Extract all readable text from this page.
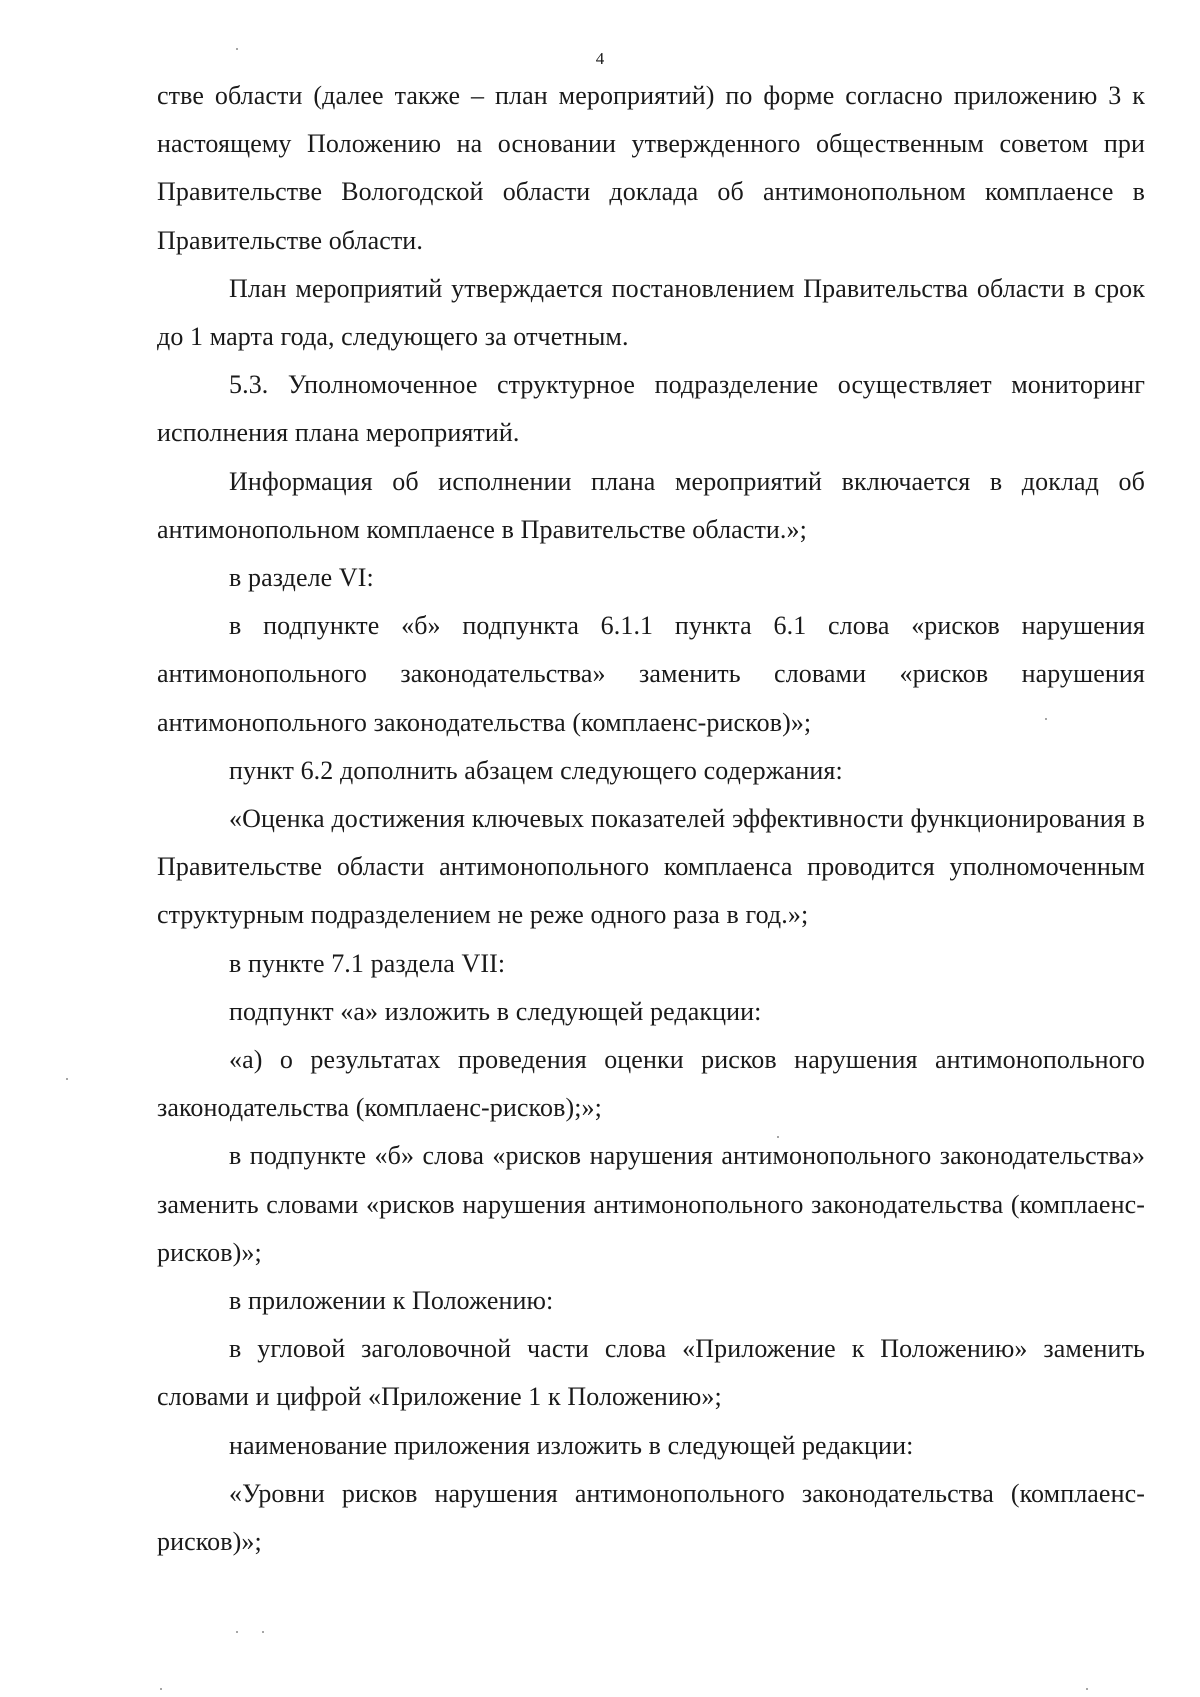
4

стве области (далее также – план мероприятий) по форме согласно приложению 3 к настоящему Положению на основании утвержденного общественным советом при Правительстве Вологодской области доклада об антимонопольном комплаенсе в Правительстве области.

План мероприятий утверждается постановлением Правительства области в срок до 1 марта года, следующего за отчетным.

5.3. Уполномоченное структурное подразделение осуществляет мониторинг исполнения плана мероприятий.

Информация об исполнении плана мероприятий включается в доклад об антимонопольном комплаенсе в Правительстве области.»;

в разделе VI:

в подпункте «б» подпункта 6.1.1 пункта 6.1 слова «рисков нарушения антимонопольного законодательства» заменить словами «рисков нарушения антимонопольного законодательства (комплаенс-рисков)»;

пункт 6.2 дополнить абзацем следующего содержания:

«Оценка достижения ключевых показателей эффективности функционирования в Правительстве области антимонопольного комплаенса проводится уполномоченным структурным подразделением не реже одного раза в год.»;

в пункте 7.1 раздела VII:

подпункт «а» изложить в следующей редакции:

«а) о результатах проведения оценки рисков нарушения антимонопольного законодательства (комплаенс-рисков);»;

в подпункте «б» слова «рисков нарушения антимонопольного законодательства» заменить словами «рисков нарушения антимонопольного законодательства (комплаенс-рисков)»;

в приложении к Положению:

в угловой заголовочной части слова «Приложение к Положению» заменить словами и цифрой «Приложение 1 к Положению»;

наименование приложения изложить в следующей редакции:

«Уровни рисков нарушения антимонопольного законодательства (комплаенс-рисков)»;
